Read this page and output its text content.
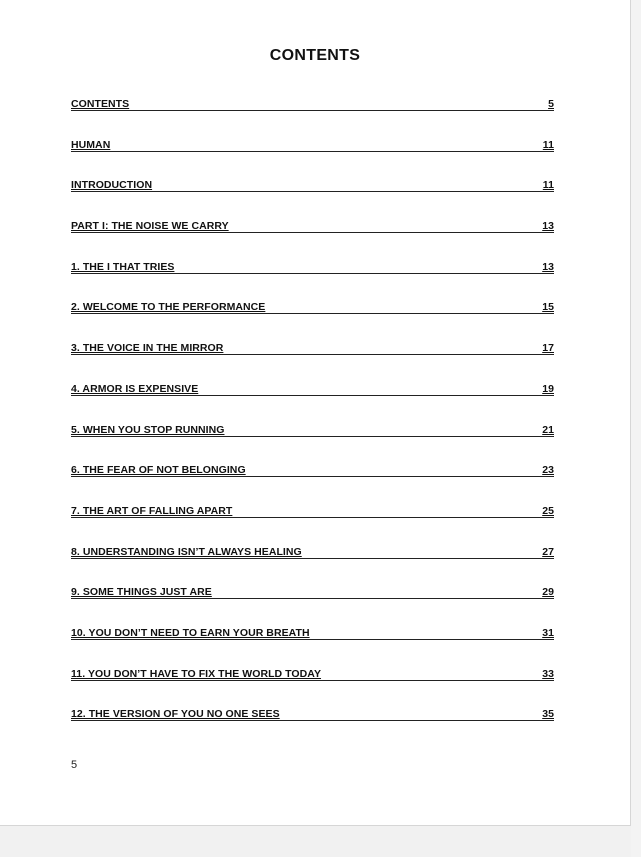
CONTENTS
CONTENTS	5
HUMAN	11
INTRODUCTION	11
PART I: THE NOISE WE CARRY	13
1. THE I THAT TRIES	13
2. WELCOME TO THE PERFORMANCE	15
3. THE VOICE IN THE MIRROR	17
4. ARMOR IS EXPENSIVE	19
5. WHEN YOU STOP RUNNING	21
6. THE FEAR OF NOT BELONGING	23
7. THE ART OF FALLING APART	25
8. UNDERSTANDING ISN’T ALWAYS HEALING	27
9. SOME THINGS JUST ARE	29
10. YOU DON’T NEED TO EARN YOUR BREATH	31
11. YOU DON’T HAVE TO FIX THE WORLD TODAY	33
12. THE VERSION OF YOU NO ONE SEES	35
5
